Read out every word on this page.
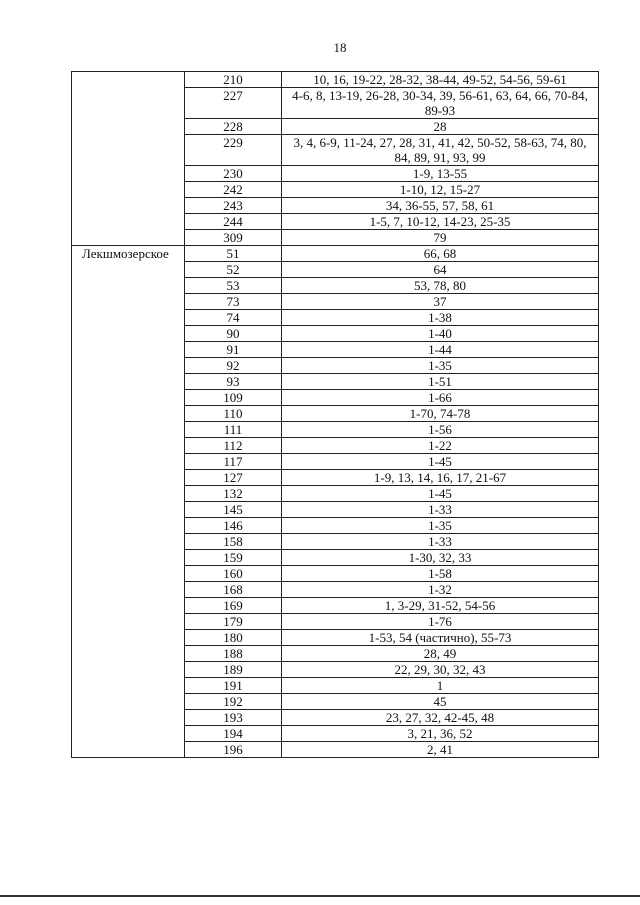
18
	210	10, 16, 19-22, 28-32, 38-44, 49-52, 54-56, 59-61
	227	4-6, 8, 13-19, 26-28, 30-34, 39, 56-61, 63, 64, 66, 70-84, 89-93
	228	28
	229	3, 4, 6-9, 11-24, 27, 28, 31, 41, 42, 50-52, 58-63, 74, 80, 84, 89, 91, 93, 99
	230	1-9, 13-55
	242	1-10, 12, 15-27
	243	34, 36-55, 57, 58, 61
	244	1-5, 7, 10-12, 14-23, 25-35
	309	79
Лекшмозерское	51	66, 68
	52	64
	53	53, 78, 80
	73	37
	74	1-38
	90	1-40
	91	1-44
	92	1-35
	93	1-51
	109	1-66
	110	1-70, 74-78
	111	1-56
	112	1-22
	117	1-45
	127	1-9, 13, 14, 16, 17, 21-67
	132	1-45
	145	1-33
	146	1-35
	158	1-33
	159	1-30, 32, 33
	160	1-58
	168	1-32
	169	1, 3-29, 31-52, 54-56
	179	1-76
	180	1-53, 54 (частично), 55-73
	188	28, 49
	189	22, 29, 30, 32, 43
	191	1
	192	45
	193	23, 27, 32, 42-45, 48
	194	3, 21, 36, 52
	196	2, 41
